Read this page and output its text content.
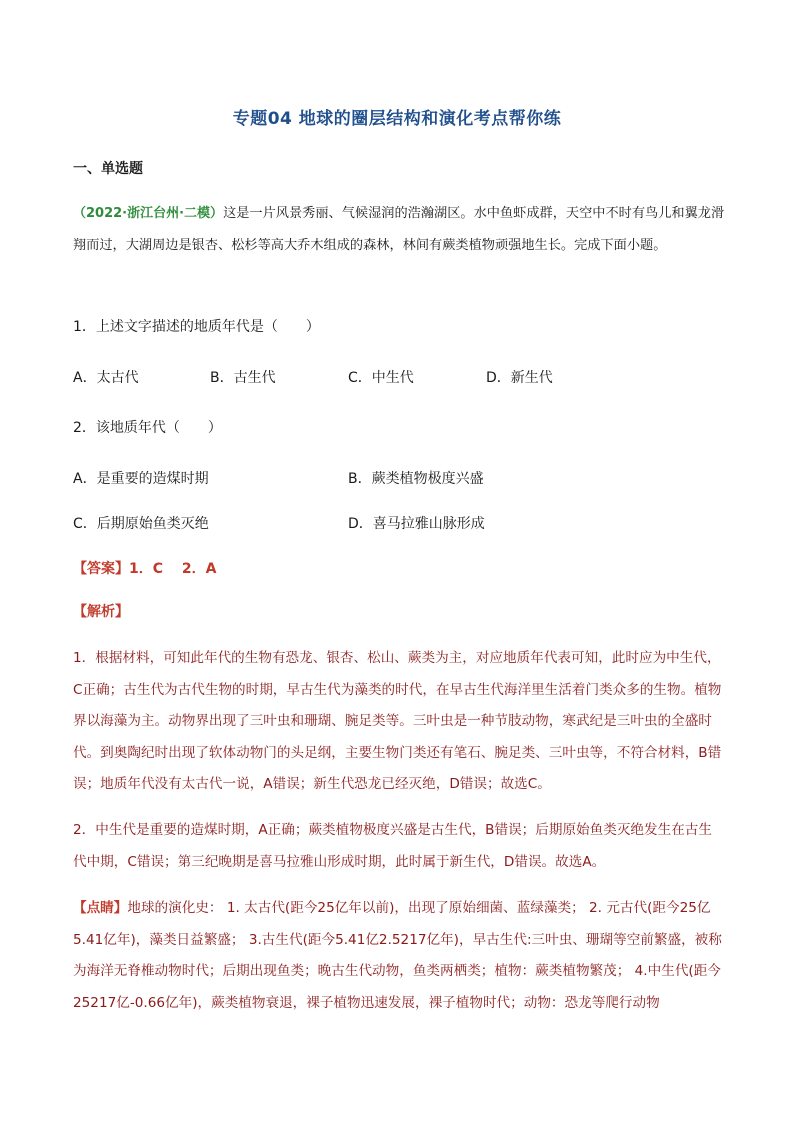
专题04 地球的圈层结构和演化考点帮你练
一、单选题
（2022·浙江台州·二模）这是一片风景秀丽、气候湿润的浩瀚湖区。水中鱼虾成群，天空中不时有鸟儿和翼龙滑翔而过，大湖周边是银杏、松杉等高大乔木组成的森林，林间有蕨类植物顽强地生长。完成下面小题。
1．上述文字描述的地质年代是（　　）
A．太古代	B．古生代	C．中生代	D．新生代
2．该地质年代（　　）
A．是重要的造煤时期	B．蕨类植物极度兴盛
C．后期原始鱼类灭绝	D．喜马拉雅山脉形成
【答案】1．C　 2．A
【解析】
1．根据材料，可知此年代的生物有恐龙、银杏、松山、蕨类为主，对应地质年代表可知，此时应为中生代，C正确；古生代为古代生物的时期，早古生代为藻类的时代，在早古生代海洋里生活着门类众多的生物。植物界以海藻为主。动物界出现了三叶虫和珊瑚、腕足类等。三叶虫是一种节肢动物，寒武纪是三叶虫的全盛时代。到奥陶纪时出现了软体动物门的头足纲，主要生物门类还有笔石、腕足类、三叶虫等，不符合材料，B错误；地质年代没有太古代一说，A错误；新生代恐龙已经灭绝，D错误；故选C。
2．中生代是重要的造煤时期，A正确；蕨类植物极度兴盛是古生代，B错误；后期原始鱼类灭绝发生在古生代中期，C错误；第三纪晚期是喜马拉雅山形成时期，此时属于新生代，D错误。故选A。
【点睛】地球的演化史： 1. 太古代(距今25亿年以前)，出现了原始细菌、蓝绿藻类； 2. 元古代(距今25亿5.41亿年)，藻类日益繁盛； 3.古生代(距今5.41亿2.5217亿年)，早古生代:三叶虫、珊瑚等空前繁盛，被称为海洋无脊椎动物时代；后期出现鱼类；晚古生代动物，鱼类两栖类；植物：蕨类植物繁茂； 4.中生代(距今25217亿-0.66亿年)，蕨类植物衰退，裸子植物迅速发展，裸子植物时代；动物：恐龙等爬行动物
